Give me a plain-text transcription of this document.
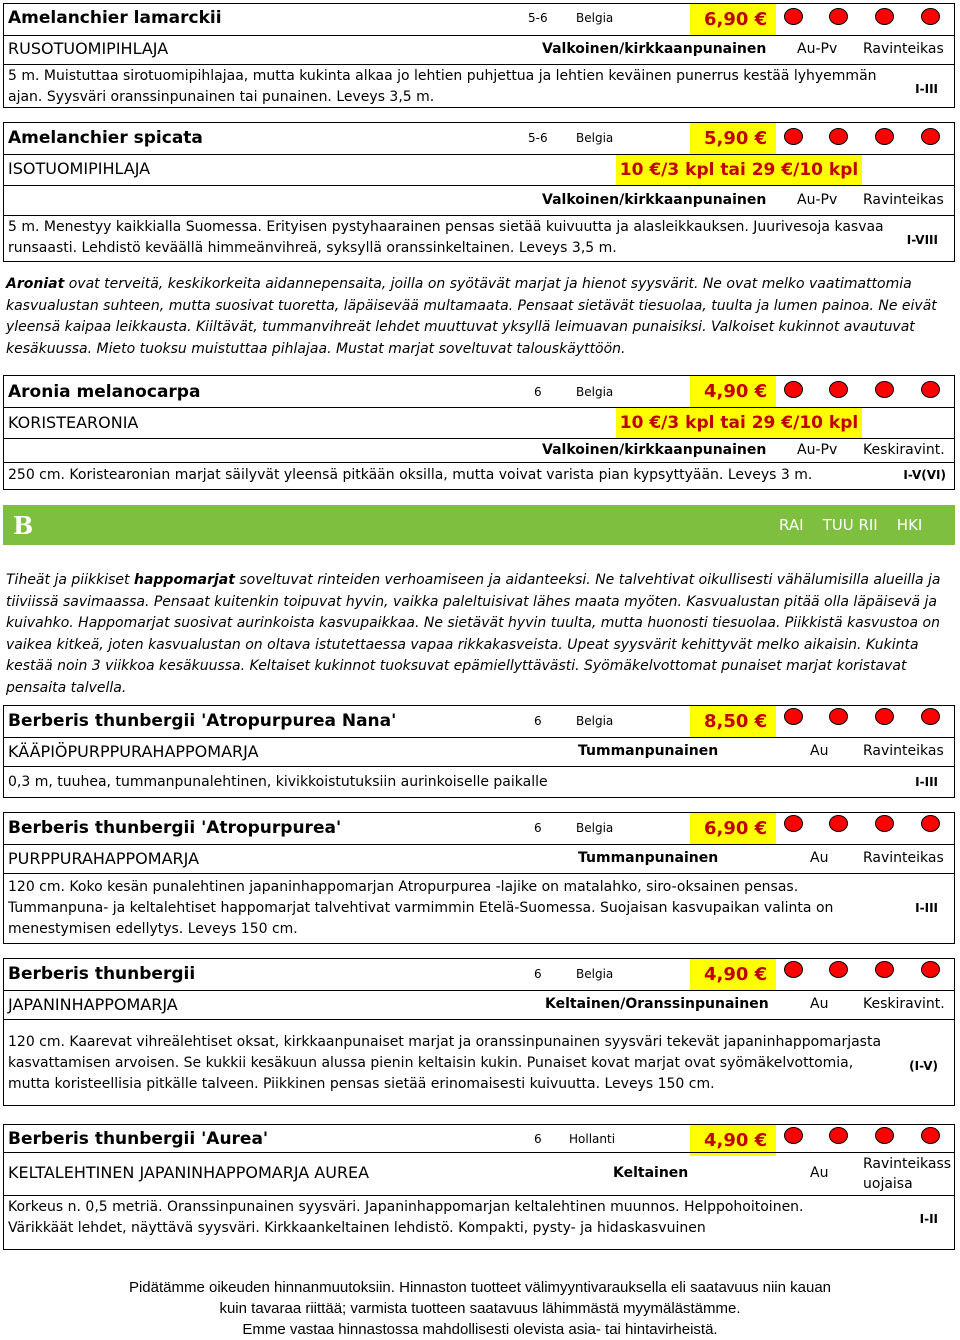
Amelanchier lamarckii	5-6 Belgia	6,90 €
RUSOTUOMIPIHLAJA	Valkoinen/kirkkaanpunainen Au-Pv Ravinteikas
5 m. Muistuttaa sirotuomipihlajaa, mutta kukinta alkaa jo lehtien puhjettua ja lehtien keväinen punerrus kestää lyhyemmän
ajan. Syysväri oranssinpunainen tai punainen. Leveys 3,5 m.	I-III
Amelanchier spicata	5-6 Belgia	5,90 €
ISOTUOMIPIHLAJA	10 €/3 kpl tai 29 €/10 kpl
Valkoinen/kirkkaanpunainen Au-Pv Ravinteikas
5 m. Menestyy kaikkialla Suomessa. Erityisen pystyhaarainen pensas sietää kuivuutta ja alasleikkauksen. Juurivesoja kasvaa
runsaasti. Lehdistö keväällä himmeänvihreä, syksyllä oranssinkeltainen. Leveys 3,5 m.	I-VIII
Aroniat ovat terveitä, keskikorkeita aidannepensaita, joilla on syötävät marjat ja hienot syysvärit. Ne ovat melko vaatimattomia kasvualustan suhteen, mutta suosivat tuoretta, läpäisevää multamaata. Pensaat sietävät tiesuolaa, tuulta ja lumen painoa. Ne eivät yleensä kaipaa leikkausta. Kiiltävät, tummanvihreät lehdet muuttuvat yksyllä leimuavan punaisiksi. Valkoiset kukinnot avautuvat kesäkuussa. Mieto tuoksu muistuttaa pihlajaa. Mustat marjat soveltuvat talouskäyttöön.
Aronia melanocarpa	6	Belgia	4,90 €
KORISTEARONIA	10 €/3 kpl tai 29 €/10 kpl
Valkoinen/kirkkaanpunainen Au-Pv Keskiravint.
250 cm. Koristearonian marjat säilyvät yleensä pitkään oksilla, mutta voivat varista pian kypsyttyään. Leveys 3 m.	I-V(VI)
B	RAI    TUU RII    HKI
Tiheät ja piikkiset happomarjat soveltuvat rinteiden verhoamiseen ja aidanteeksi. Ne talvehtivat oikullisesti vähälumisilla alueilla ja tiiviissä savimaassa. Pensaat kuitenkin toipuvat hyvin, vaikka paleltuisivat lähes maata myöten. Kasvualustan pitää olla läpäisevä ja kuivahko. Happomarjat suosivat aurinkoista kasvupaikkaa. Ne sietävät hyvin tuulta, mutta huonosti tiesuolaa. Piikkistä kasvustoa on vaikea kitkeä, joten kasvualustan on oltava istutettaessa vapaa rikkakasveista. Upeat syysvärit kehittyvät melko aikaisin. Kukinta kestää noin 3 viikkoa kesäkuussa. Keltaiset kukinnot tuoksuvat epämiellyttävästi. Syömäkelvottomat punaiset marjat koristavat pensaita talvella.
Berberis thunbergii 'Atropurpurea Nana'	6	Belgia	8,50 €
KÄÄPIÖPURPPURAHAPPOMARJA	Tummanpunainen	Au Ravinteikas
0,3 m, tuuhea, tummanpunalehtinen, kivikkoistutuksiin aurinkoiselle paikalle	I-III
Berberis thunbergii 'Atropurpurea'	6	Belgia	6,90 €
PURPPURAHAPPOMARJA	Tummanpunainen	Au Ravinteikas
120 cm. Koko kesän punalehtinen japaninhappomarjan Atropurpurea -lajike on matalahko, siro-oksainen pensas.
Tummanpuna- ja keltalehtiset happomarjat talvehtivat varmimmin Etelä-Suomessa. Suojaisan kasvupaikan valinta on
menestymisen edellytys. Leveys 150 cm.
I-III
Berberis thunbergii	6	Belgia	4,90 €
JAPANINHAPPOMARJA	Keltainen/Oranssinpunainen	Au Keskiravint.
120 cm. Kaarevat vihreälehtiset oksat, kirkkaanpunaiset marjat ja oranssinpunainen syysväri tekevät japaninhappomarjasta
kasvattamisen arvoisen. Se kukkii kesäkuun alussa pienin keltaisin kukin. Punaiset kovat marjat ovat syömäkelvottomia,
mutta koristeellisia pitkälle talveen. Piikkinen pensas sietää erinomaisesti kuivuutta. Leveys 150 cm.
(I-V)
Berberis thunbergii 'Aurea'	6 Hollanti	4,90 €
KELTALEHTINEN JAPANINHAPPOMARJA AUREA	Keltainen	Au
Ravinteikass
uojaisa
Korkeus n. 0,5 metriä. Oranssinpunainen syysväri. Japaninhappomarjan keltalehtinen muunnos. Helppohoitoinen.
Värikkäät lehdet, näyttävä syysväri. Kirkkaankeltainen lehdistö. Kompakti, pysty- ja hidaskasvuinen
I-II
Pidätämme oikeuden hinnanmuutoksiin. Hinnaston tuotteet välimyyntivarauksella eli saatavuus niin kauan
kuin tavaraa riittää; varmista tuotteen saatavuus lähimmästä myymälästämme.
Emme vastaa hinnastossa mahdollisesti olevista asia- tai hintavirheistä.
